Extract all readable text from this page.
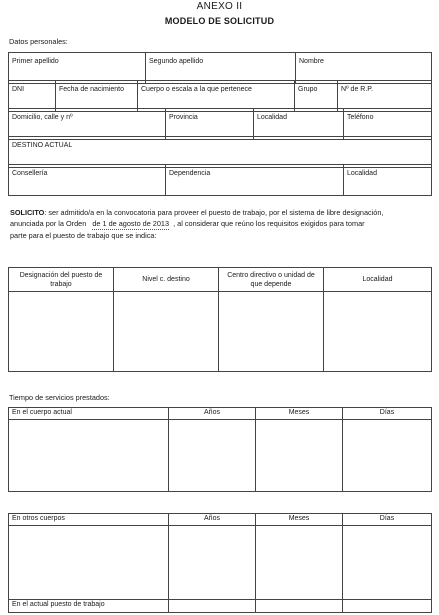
ANEXO II
MODELO DE SOLICITUD
Datos personales:
Primer apellido	Segundo apellido	Nombre
DNI	Fecha de nacimiento	Cuerpo o escala a la que pertenece	Grupo	Nº de R.P.
Domicilio, calle y nº	Provincia	Localidad	Teléfono
DESTINO ACTUAL
Consellería	Dependencia	Localidad
SOLICITO: ser admitido/a en la convocatoria para proveer el puesto de trabajo, por el sistema de libre designación,
anunciada por la Orden de 1 de agosto de 2013 , al considerar que reúno los requisitos exigidos para tomar
parte para el puesto de trabajo que se indica:
Designación del puesto de trabajo	Nivel c. destino	Centro directivo o unidad de que depende	Localidad

Tiempo de servicios prestados:
En el cuerpo actual	Años	Meses	Días

En otros cuerpos	Años	Meses	Días

En el actual puesto de trabajo			
